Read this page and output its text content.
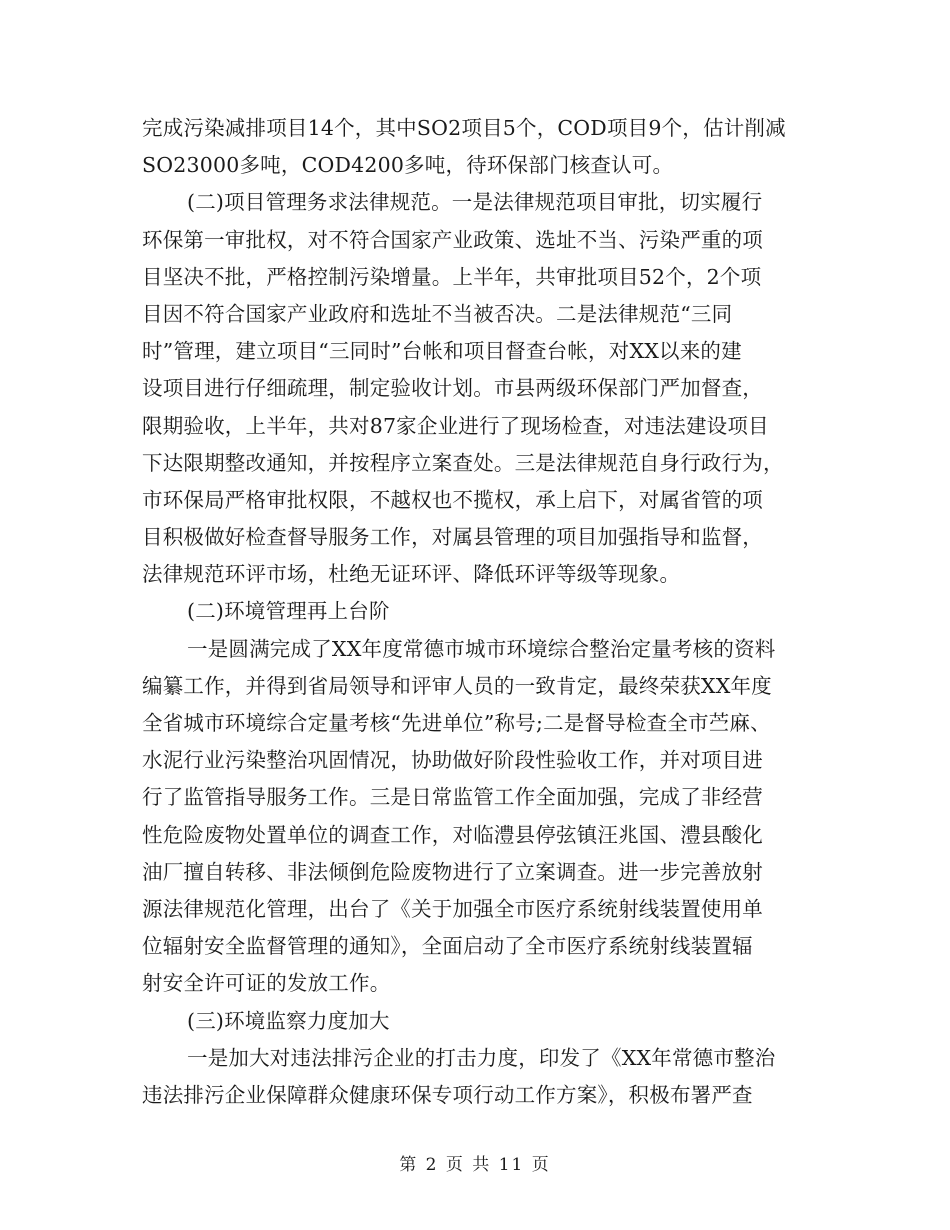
完成污染减排项目14个，其中SO2项目5个，COD项目9个，估计削减
SO23000多吨，COD4200多吨，待环保部门核查认可。
(二)项目管理务求法律规范。一是法律规范项目审批，切实履行
环保第一审批权，对不符合国家产业政策、选址不当、污染严重的项
目坚决不批，严格控制污染增量。上半年，共审批项目52个，2个项
目因不符合国家产业政府和选址不当被否决。二是法律规范“三同
时”管理，建立项目“三同时”台帐和项目督查台帐，对XX以来的建
设项目进行仔细疏理，制定验收计划。市县两级环保部门严加督查，
限期验收，上半年，共对87家企业进行了现场检查，对违法建设项目
下达限期整改通知，并按程序立案查处。三是法律规范自身行政行为，
市环保局严格审批权限，不越权也不揽权，承上启下，对属省管的项
目积极做好检查督导服务工作，对属县管理的项目加强指导和监督，
法律规范环评市场，杜绝无证环评、降低环评等级等现象。
(二)环境管理再上台阶
一是圆满完成了XX年度常德市城市环境综合整治定量考核的资料
编纂工作，并得到省局领导和评审人员的一致肯定，最终荣获XX年度
全省城市环境综合定量考核“先进单位”称号;二是督导检查全市苎麻、
水泥行业污染整治巩固情况，协助做好阶段性验收工作，并对项目进
行了监管指导服务工作。三是日常监管工作全面加强，完成了非经营
性危险废物处置单位的调查工作，对临澧县停弦镇汪兆国、澧县酸化
油厂擅自转移、非法倾倒危险废物进行了立案调查。进一步完善放射
源法律规范化管理，出台了《关于加强全市医疗系统射线装置使用单
位辐射安全监督管理的通知》，全面启动了全市医疗系统射线装置辐
射安全许可证的发放工作。
(三)环境监察力度加大
一是加大对违法排污企业的打击力度，印发了《XX年常德市整治
违法排污企业保障群众健康环保专项行动工作方案》，积极布署严查
第 2 页 共 11 页
